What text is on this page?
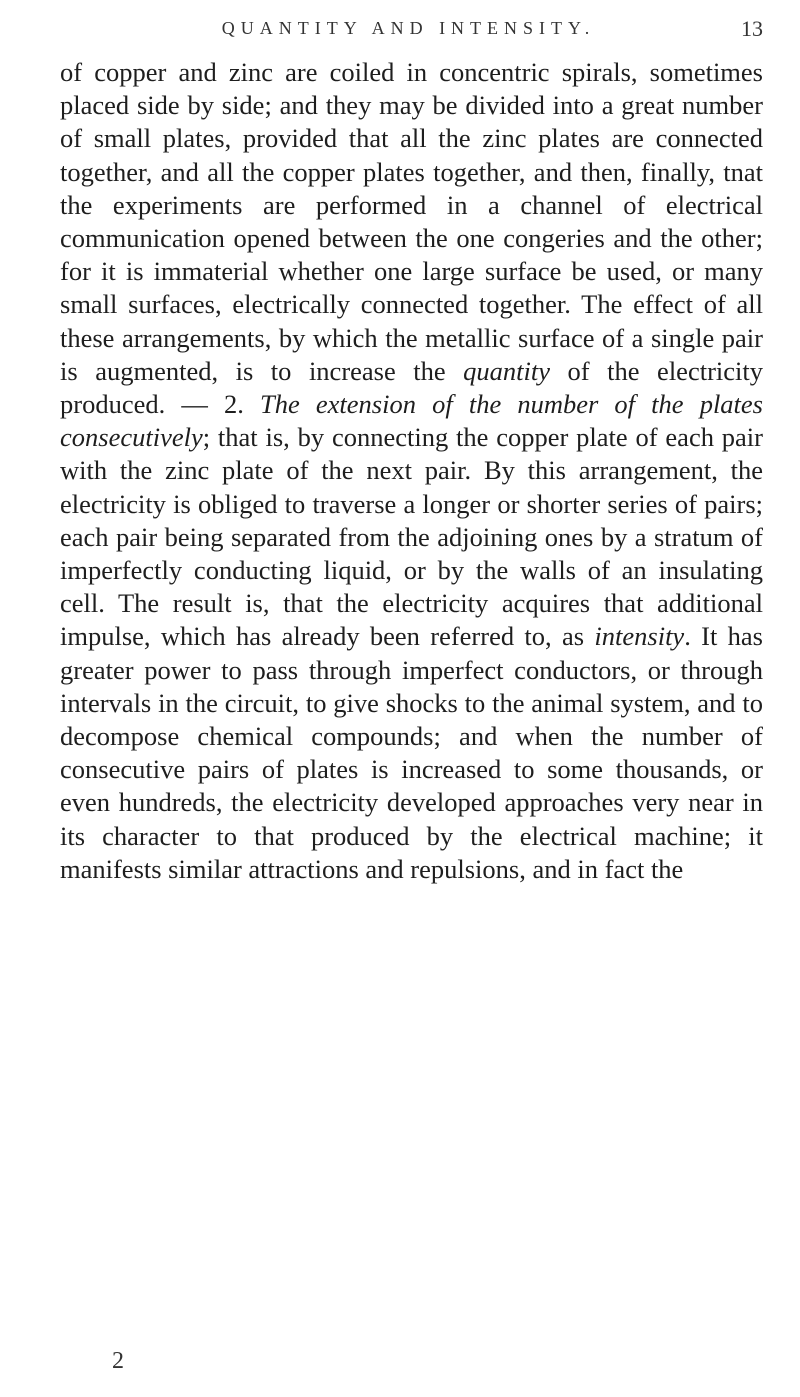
QUANTITY AND INTENSITY.	13

of copper and zinc are coiled in concentric spirals, sometimes placed side by side; and they may be divided into a great number of small plates, provided that all the zinc plates are connected together, and all the copper plates together, and then, finally, tnat the experiments are performed in a channel of electrical communication opened between the one congeries and the other; for it is immaterial whether one large surface be used, or many small surfaces, electrically connected together. The effect of all these arrangements, by which the metallic surface of a single pair is augmented, is to increase the quantity of the electricity produced. — 2. The extension of the number of the plates consecutively; that is, by connecting the copper plate of each pair with the zinc plate of the next pair. By this arrangement, the electricity is obliged to traverse a longer or shorter series of pairs; each pair being separated from the adjoining ones by a stratum of imperfectly conducting liquid, or by the walls of an insulating cell. The result is, that the electricity acquires that additional impulse, which has already been referred to, as intensity. It has greater power to pass through imperfect conductors, or through intervals in the circuit, to give shocks to the animal system, and to decompose chemical compounds; and when the number of consecutive pairs of plates is increased to some thousands, or even hundreds, the electricity developed approaches very near in its character to that produced by the electrical machine; it manifests similar attractions and repulsions, and in fact the

2
